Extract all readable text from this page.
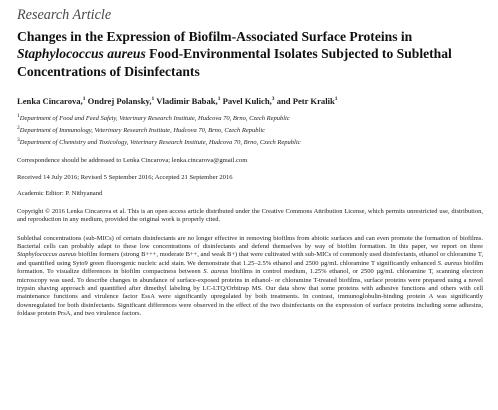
Research Article
Changes in the Expression of Biofilm-Associated Surface Proteins in Staphylococcus aureus Food-Environmental Isolates Subjected to Sublethal Concentrations of Disinfectants
Lenka Cincarova,$^1$ Ondrej Polansky,$^1$ Vladimir Babak,$^1$ Pavel Kulich,$^3$ and Petr Kralik$^1$
$^1$Department of Food and Feed Safety, Veterinary Research Institute, Hudcova 70, Brno, Czech Republic
$^2$Department of Immunology, Veterinary Research Institute, Hudcova 70, Brno, Czech Republic
$^3$Department of Chemistry and Toxicology, Veterinary Research Institute, Hudcova 70, Brno, Czech Republic
Correspondence should be addressed to Lenka Cincarova; lenka.cincarova@gmail.com
Received 14 July 2016; Revised 5 September 2016; Accepted 21 September 2016
Academic Editor: P. Nithyanand

Copyright © 2016 Lenka Cincarova et al. This is an open access article distributed under the Creative Commons Attribution License, which permits unrestricted use, distribution, and reproduction in any medium, provided the original work is properly cited.

Sublethal concentrations (sub-MICs) of certain disinfectants are no longer effective in removing biofilms from abiotic surfaces and can even promote the formation of biofilms. Bacterial cells can probably adapt to these low concentrations of disinfectants and defend themselves by way of biofilm formation. In this paper, we report on three Staphylococcus aureus biofilm formers (strong B+++, moderate B++, and weak B+) that were cultivated with sub-MICs of commonly used disinfectants, ethanol or chloramine T, and quantified using Syto9 green fluorogenic nucleic acid stain. We demonstrate that 1.25–2.5% ethanol and 2500 µg/mL chloramine T significantly enhanced S. aureus biofilm formation. To visualize differences in biofilm compactness between S. aureus biofilms in control medium, 1.25% ethanol, or 2500 µg/mL chloramine T, scanning electron microscopy was used. To describe changes in abundance of surface-exposed proteins in ethanol- or chloramine T-treated biofilms, surface proteins were prepared using a novel trypsin shaving approach and quantified after dimethyl labeling by LC-LTQ/Orbitrap MS. Our data show that some proteins with adhesive functions and others with cell maintenance functions and virulence factor EssA were significantly upregulated by both treatments. In contrast, immunoglobulin-binding protein A was significantly downregulated for both disinfectants. Significant differences were observed in the effect of the two disinfectants on the expression of surface proteins including some adhesins, foldase protein PrsA, and two virulence factors.
